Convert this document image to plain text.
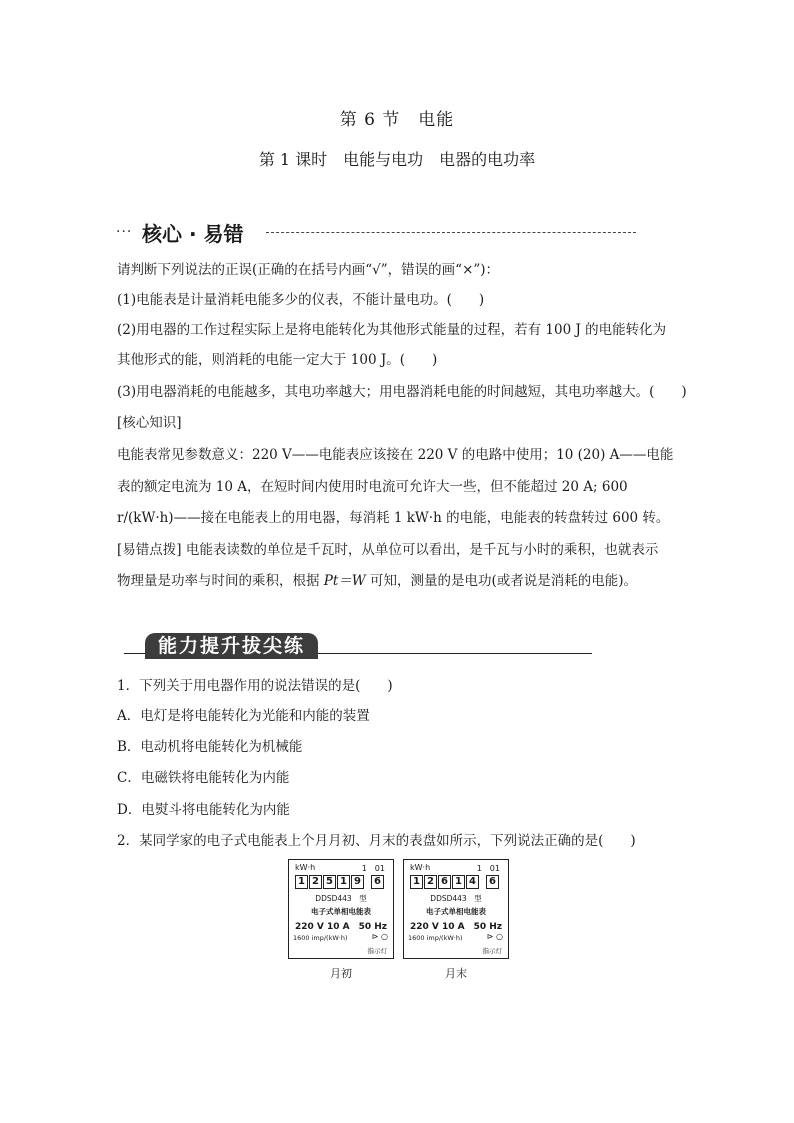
第 6 节　电能
第 1 课时　电能与电功　电器的电功率
··· 核心 · 易错
请判断下列说法的正误(正确的在括号内画“√”，错误的画“×”)：
(1)电能表是计量消耗电能多少的仪表，不能计量电功。(　　)
(2)用电器的工作过程实际上是将电能转化为其他形式能量的过程，若有 100 J 的电能转化为
其他形式的能，则消耗的电能一定大于 100 J。(　　)
(3)用电器消耗的电能越多，其电功率越大；用电器消耗电能的时间越短，其电功率越大。(　　)
[核心知识]
电能表常见参数意义：220 V——电能表应该接在 220 V 的电路中使用；10 (20) A——电能
表的额定电流为 10 A，在短时间内使用时电流可允许大一些，但不能超过 20 A; 600
r/(kW·h)——接在电能表上的用电器，每消耗 1 kW·h 的电能，电能表的转盘转过 600 转。
[易错点拨] 电能表读数的单位是千瓦时，从单位可以看出，是千瓦与小时的乘积，也就表示
物理量是功率与时间的乘积，根据 Pt＝W 可知，测量的是电功(或者说是消耗的电能)。
能力提升拔尖练
1．下列关于用电器作用的说法错误的是(　　)
A．电灯是将电能转化为光能和内能的装置
B．电动机将电能转化为机械能
C．电磁铁将电能转化为内能
D．电熨斗将电能转化为内能
2．某同学家的电子式电能表上个月月初、月末的表盘如所示，下列说法正确的是(　　)
kW·h	1　01
1 2 5 1 9	6
DDSD443　型
电子式单相电能表
220 V 10 A　50 Hz
1600 imp/(kW·h)	⊳ ○
指示灯
月初
kW·h	1　01
1 2 6 1 4	6
DDSD443　型
电子式单相电能表
220 V 10 A　50 Hz
1600 imp/(kW·h)	⊳ ○
指示灯
月末
